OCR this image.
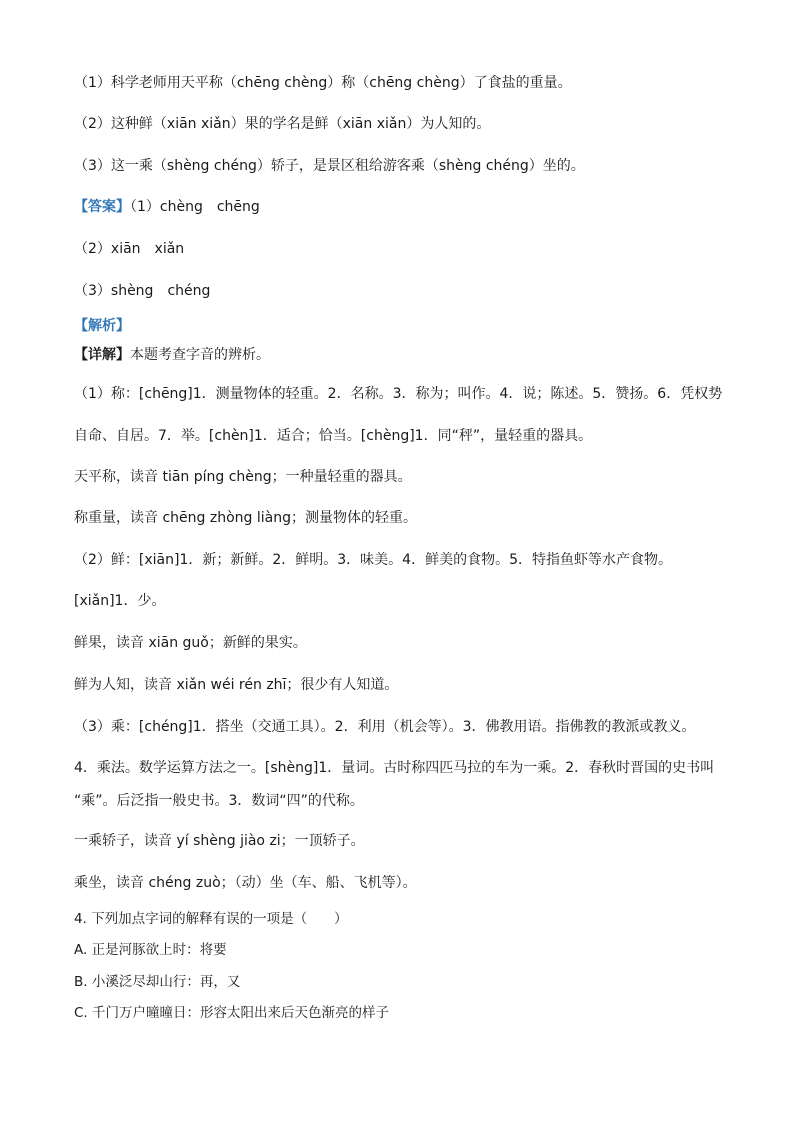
（1）科学老师用天平称（chēng chèng）称（chēng chèng）了食盐的重量。
（2）这种鲜（xiān xiǎn）果的学名是鲜（xiān xiǎn）为人知的。
（3）这一乘（shèng chéng）轿子，是景区租给游客乘（shèng chéng）坐的。
【答案】（1）chèng　chēng
（2）xiān　xiǎn
（3）shèng　chéng
【解析】
【详解】本题考查字音的辨析。
（1）称：[chēng]1．测量物体的轻重。2．名称。3．称为；叫作。4．说；陈述。5．赞扬。6．凭权势
自命、自居。7．举。[chèn]1．适合；恰当。[chèng]1．同“秤”，量轻重的器具。
天平称，读音 tiān píng chèng；一种量轻重的器具。
称重量，读音 chēng zhòng liàng；测量物体的轻重。
（2）鲜：[xiān]1．新；新鲜。2．鲜明。3．味美。4．鲜美的食物。5．特指鱼虾等水产食物。
[xiǎn]1．少。
鲜果，读音 xiān guǒ；新鲜的果实。
鲜为人知，读音 xiǎn wéi rén zhī；很少有人知道。
（3）乘：[chéng]1．搭坐（交通工具）。2．利用（机会等）。3．佛教用语。指佛教的教派或教义。
4．乘法。数学运算方法之一。[shèng]1．量词。古时称四匹马拉的车为一乘。2．春秋时晋国的史书叫
“乘”。后泛指一般史书。3．数词“四”的代称。
一乘轿子，读音 yí shèng jiào zi；一顶轿子。
乘坐，读音 chéng zuò；（动）坐（车、船、飞机等）。
4. 下列加点字词的解释有误的一项是（　　）
A. 正是河豚欲上时：将要
B. 小溪泛尽却山行：再，又
C. 千门万户曈曈日：形容太阳出来后天色渐亮的样子
